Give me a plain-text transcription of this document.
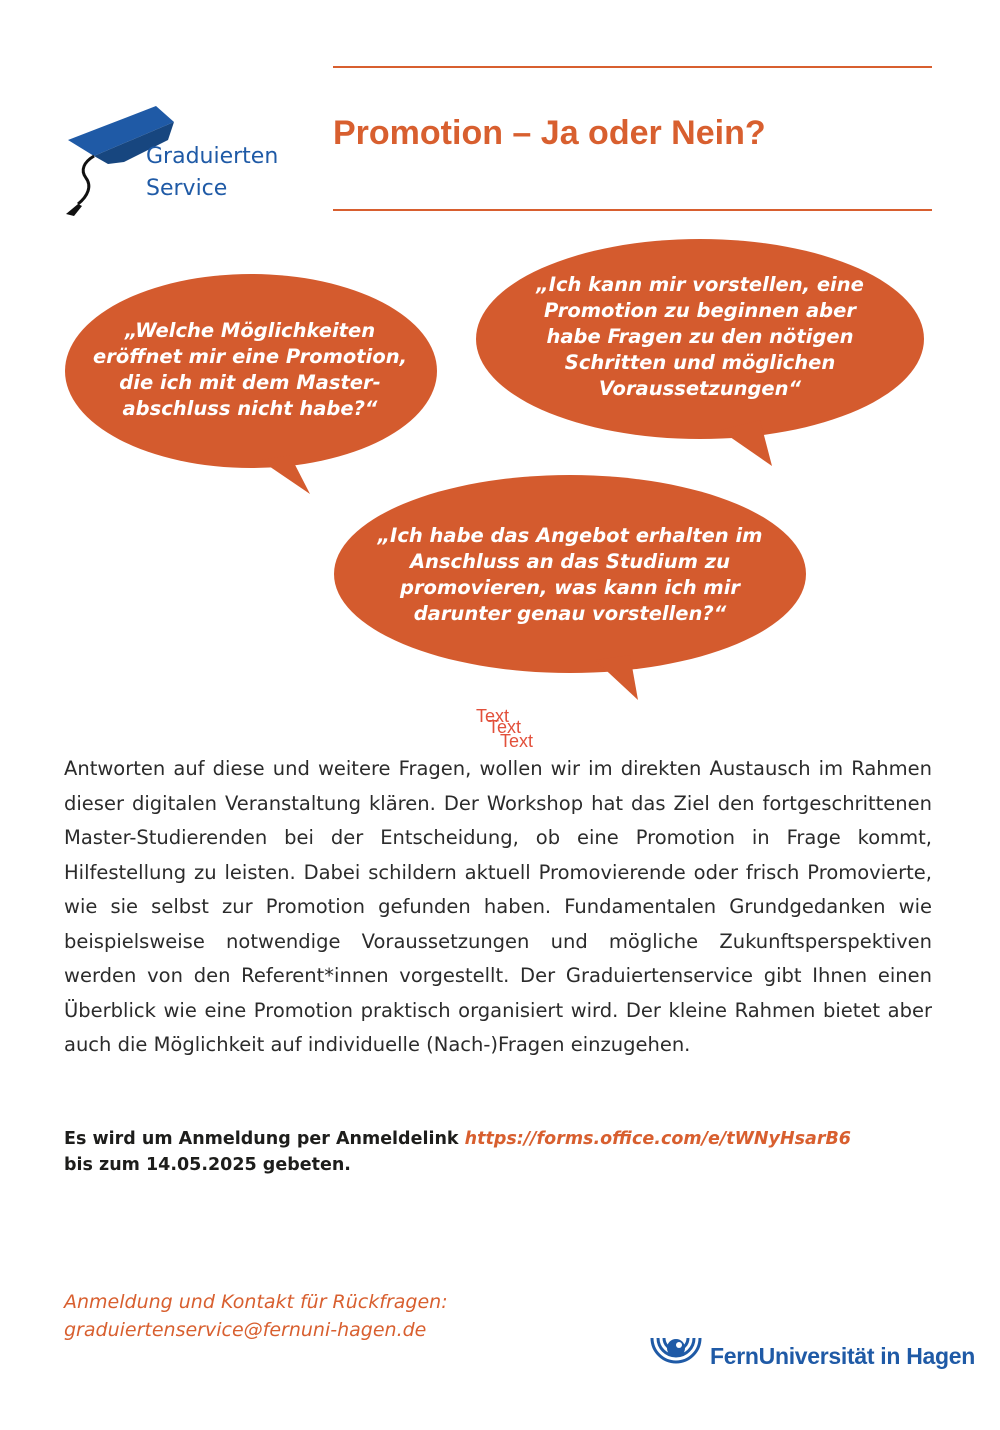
Graduierten
Service
Promotion – Ja oder Nein?
„Welche Möglichkeiten eröffnet mir eine Promotion, die ich mit dem Master-abschluss nicht habe?“
„Ich kann mir vorstellen, eine Promotion zu beginnen aber habe Fragen zu den nötigen Schritten und möglichen Voraussetzungen“
„Ich habe das Angebot erhalten im Anschluss an das Studium zu promovieren, was kann ich mir darunter genau vorstellen?“
Text
Text
Text
Antworten auf diese und weitere Fragen, wollen wir im direkten Austausch im Rahmen dieser digitalen Veranstaltung klären. Der Workshop hat das Ziel den fortgeschrittenen Master-Studierenden bei der Entscheidung, ob eine Promotion in Frage kommt, Hilfestellung zu leisten. Dabei schildern aktuell Promovierende oder frisch Promovierte, wie sie selbst zur Promotion gefunden haben. Fundamentalen Grundgedanken wie beispielsweise notwendige Voraussetzungen und mögliche Zukunftsperspektiven werden von den Referent*innen vorgestellt. Der Graduiertenservice gibt Ihnen einen Überblick wie eine Promotion praktisch organisiert wird. Der kleine Rahmen bietet aber auch die Möglichkeit auf individuelle (Nach-)Fragen einzugehen.
Es wird um Anmeldung per Anmeldelink https://forms.office.com/e/tWNyHsarB6
bis zum 14.05.2025 gebeten.
Anmeldung und Kontakt für Rückfragen:
graduiertenservice@fernuni-hagen.de
FernUniversität in Hagen
